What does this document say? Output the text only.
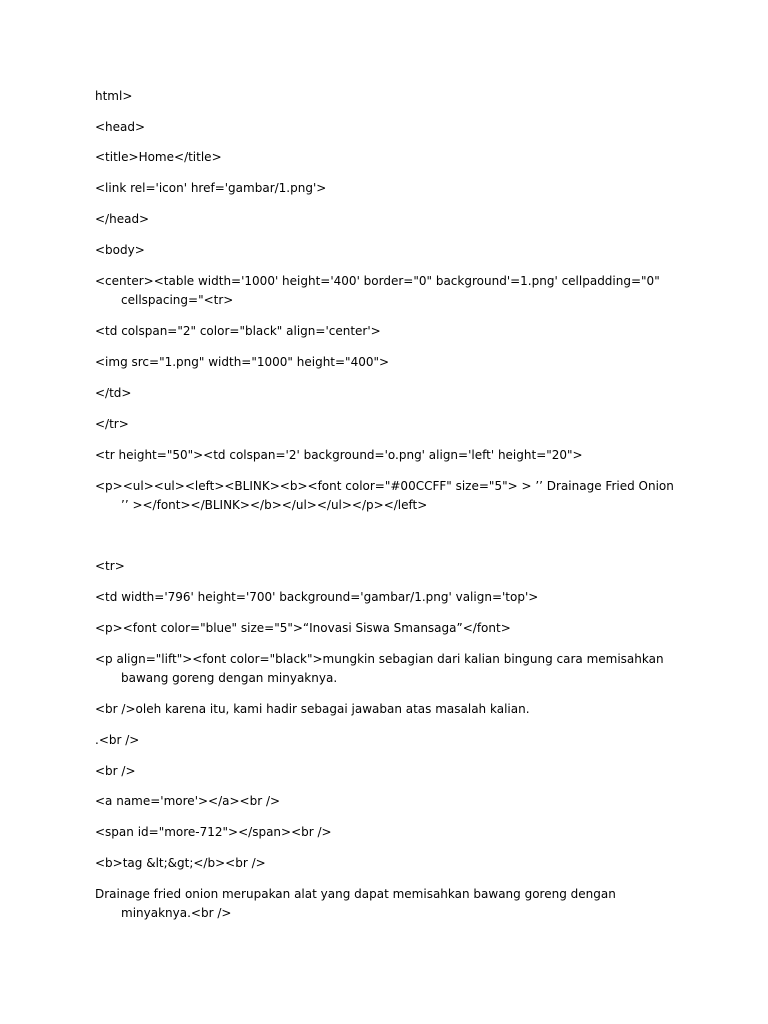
html>
<head>
<title>Home</title>
<link rel='icon' href='gambar/1.png'>
</head>
<body>
<center><table width='1000' height='400' border="0" background'=1.png' cellpadding="0" cellspacing="<tr>
<td colspan="2" color="black" align='center'>
<img src="1.png" width="1000" height="400">
</td>
</tr>
<tr height="50"><td colspan='2' background='o.png' align='left' height="20">
<p><ul><ul><left><BLINK><b><font color="#00CCFF" size="5"> > ’’ Drainage Fried Onion ’’ ></font></BLINK></b></ul></ul></p></left>
<tr>
<td width='796' height='700' background='gambar/1.png' valign='top'>
<p><font color="blue" size="5">“Inovasi Siswa Smansaga”</font>
<p align="lift"><font color="black">mungkin sebagian dari kalian bingung cara memisahkan bawang goreng dengan minyaknya.
<br />oleh karena itu, kami hadir sebagai jawaban atas masalah kalian.
.<br />
<br />
<a name='more'></a><br />
<span id="more-712"></span><br />
<b>tag &lt;&gt;</b><br />
Drainage fried onion merupakan alat yang dapat memisahkan bawang goreng dengan minyaknya.<br />
